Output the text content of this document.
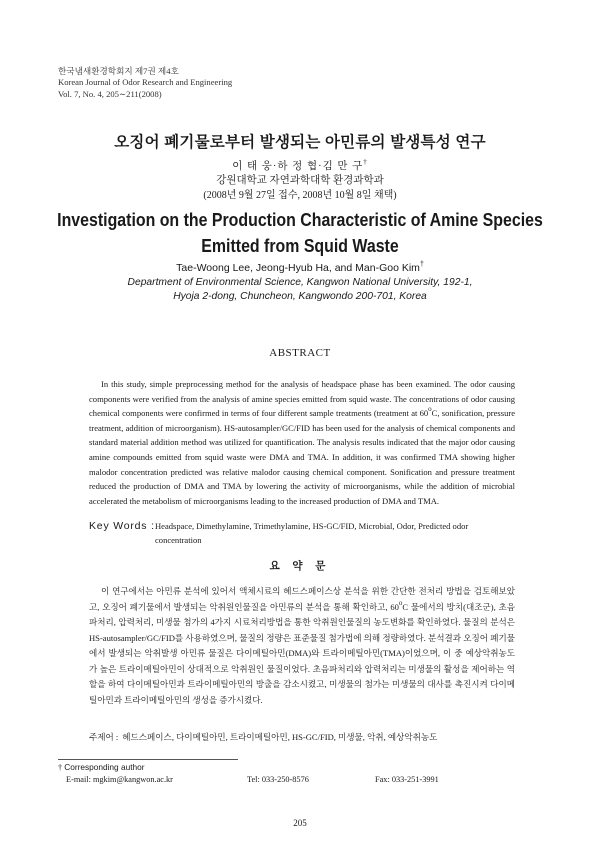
한국냄새환경학회지 제7권 제4호
Korean Journal of Odor Research and Engineering
Vol. 7, No. 4, 205∼211(2008)
오징어 폐기물로부터 발생되는 아민류의 발생특성 연구
이 태 웅·하 정 협·김 만 구†
강원대학교 자연과학대학 환경과학과
(2008년 9월 27일 접수, 2008년 10월 8일 채택)
Investigation on the Production Characteristic of Amine Species
Emitted from Squid Waste
Tae-Woong Lee, Jeong-Hyub Ha, and Man-Goo Kim†
Department of Environmental Science, Kangwon National University, 192-1,
Hyoja 2-dong, Chuncheon, Kangwondo 200-701, Korea
ABSTRACT
In this study, simple preprocessing method for the analysis of headspace phase has been examined. The odor causing components were verified from the analysis of amine species emitted from squid waste. The concentrations of odor causing chemical components were confirmed in terms of four different sample treatments (treatment at 60$^o$C, sonification, pressure treatment, addition of microorganism). HS-autosampler/GC/FID has been used for the analysis of chemical components and standard material addition method was utilized for quantification. The analysis results indicated that the major odor causing amine compounds emitted from squid waste were DMA and TMA. In addition, it was confirmed TMA showing higher malodor concentration predicted was relative malodor causing chemical component. Sonification and pressure treatment reduced the production of DMA and TMA by lowering the activity of microorganisms, while the addition of microbial accelerated the metabolism of microorganisms leading to the increased production of DMA and TMA.
Key Words : Headspace, Dimethylamine, Trimethylamine, HS-GC/FID, Microbial, Odor, Predicted odor concentration
요 약 문
이 연구에서는 아민류 분석에 있어서 액체시료의 헤드스페이스상 분석을 위한 간단한 전처리 방법을 검토해보았고, 오징어 폐기물에서 발생되는 악취원인물질을 아민류의 분석을 통해 확인하고, 60$^o$C 물에서의 방치(대조군), 초음파처리, 압력처리, 미생물 첨가의 4가지 시료처리방법을 통한 악취원인물질의 농도변화를 확인하였다. 물질의 분석은 HS-autosampler/GC/FID를 사용하였으며, 물질의 정량은 표준물질 첨가법에 의해 정량하였다. 분석결과 오징어 폐기물에서 발생되는 악취발생 아민류 물질은 다이메틸아민(DMA)와 트라이메틸아민(TMA)이었으며, 이 중 예상악취농도가 높은 트라이메틸아민이 상대적으로 악취원인 물질이었다. 초음파처리와 압력처리는 미생물의 활성을 제어하는 역할을 하여 다이메틸아민과 트라이메틸아민의 방출을 감소시켰고, 미생물의 첨가는 미생물의 대사를 촉진시켜 다이메틸아민과 트라이메틸아민의 생성을 증가시켰다.
주제어 : 헤드스페이스, 다이메틸아민, 트라이메틸아민, HS-GC/FID, 미생물, 악취, 예상악취농도
† Corresponding author
E-mail: mgkim@kangwon.ac.kr	Tel: 033-250-8576	Fax: 033-251-3991
205
